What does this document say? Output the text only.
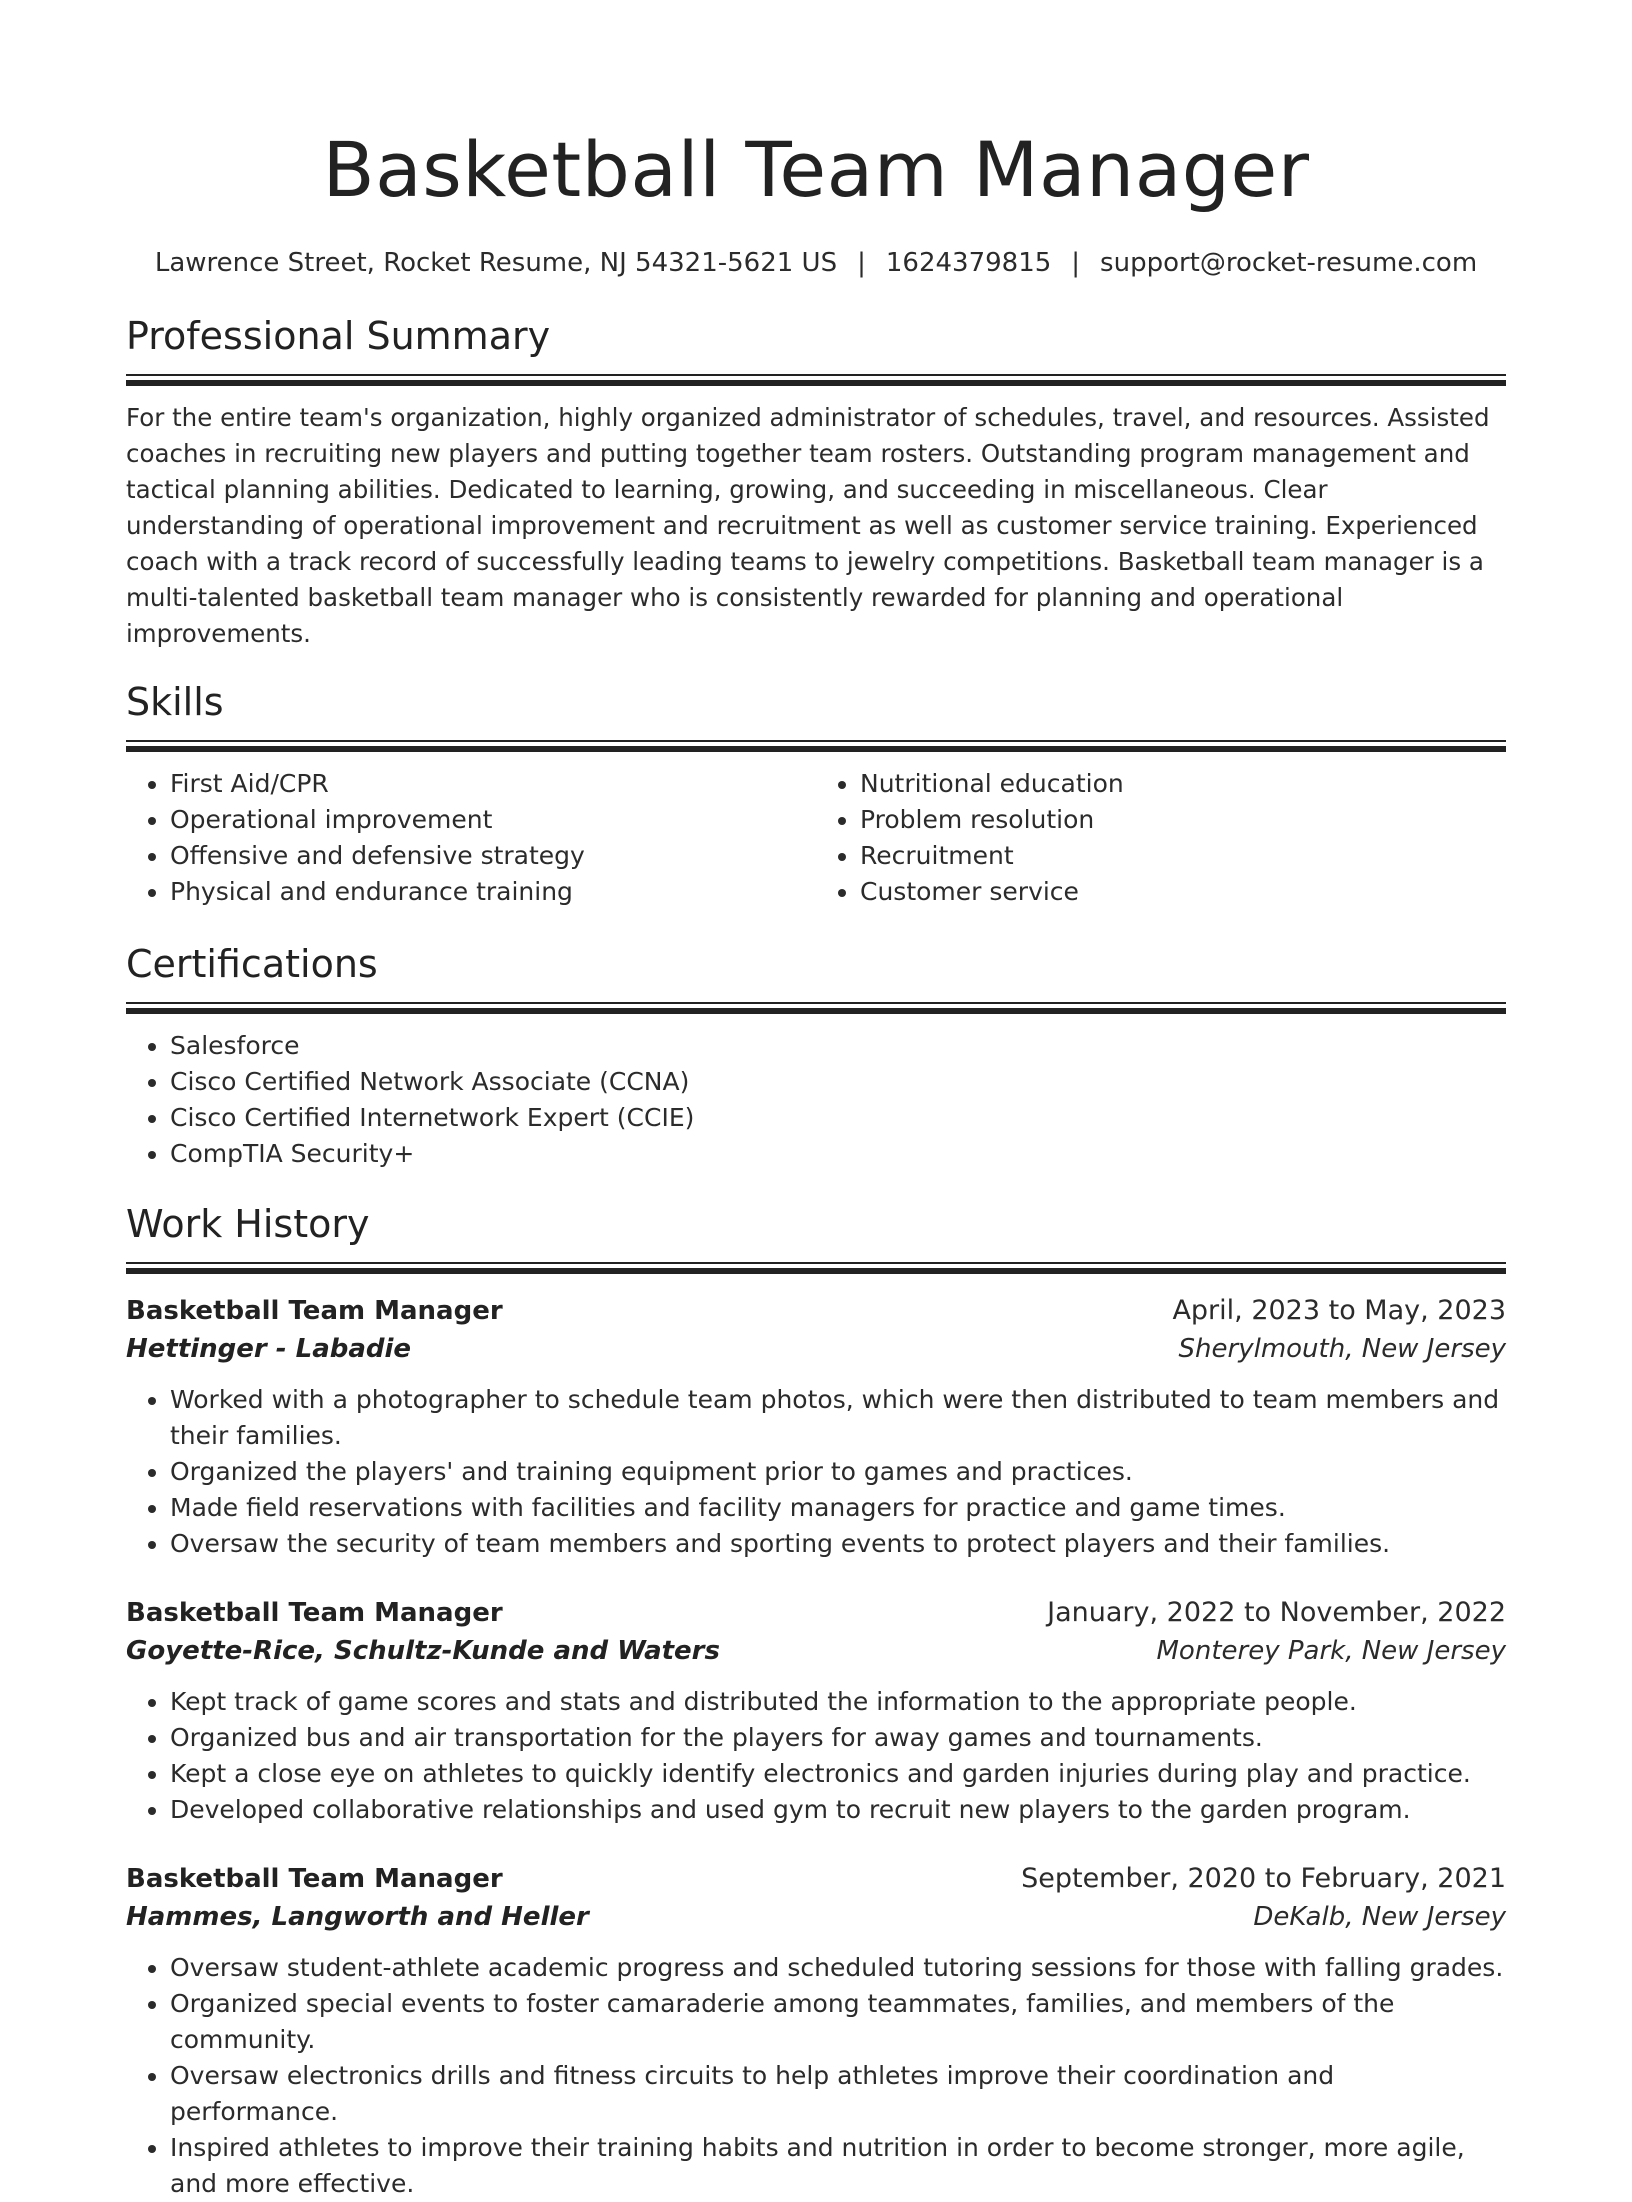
Basketball Team Manager
Lawrence Street, Rocket Resume, NJ 54321-5621 US | 1624379815 | support@rocket-resume.com
Professional Summary

For the entire team's organization, highly organized administrator of schedules, travel, and resources. Assisted coaches in recruiting new players and putting together team rosters. Outstanding program management and tactical planning abilities. Dedicated to learning, growing, and succeeding in miscellaneous. Clear understanding of operational improvement and recruitment as well as customer service training. Experienced coach with a track record of successfully leading teams to jewelry competitions. Basketball team manager is a multi-talented basketball team manager who is consistently rewarded for planning and operational improvements.

Skills
• First Aid/CPR
• Operational improvement
• Offensive and defensive strategy
• Physical and endurance training
• Nutritional education
• Problem resolution
• Recruitment
• Customer service
Certifications
• Salesforce
• Cisco Certified Network Associate (CCNA)
• Cisco Certified Internetwork Expert (CCIE)
• CompTIA Security+
Work History
Basketball Team Manager	April, 2023 to May, 2023
Hettinger - Labadie	Sherylmouth, New Jersey
• Worked with a photographer to schedule team photos, which were then distributed to team members and their families.
• Organized the players' and training equipment prior to games and practices.
• Made field reservations with facilities and facility managers for practice and game times.
• Oversaw the security of team members and sporting events to protect players and their families.
Basketball Team Manager	January, 2022 to November, 2022
Goyette-Rice, Schultz-Kunde and Waters	Monterey Park, New Jersey
• Kept track of game scores and stats and distributed the information to the appropriate people.
• Organized bus and air transportation for the players for away games and tournaments.
• Kept a close eye on athletes to quickly identify electronics and garden injuries during play and practice.
• Developed collaborative relationships and used gym to recruit new players to the garden program.
Basketball Team Manager	September, 2020 to February, 2021
Hammes, Langworth and Heller	DeKalb, New Jersey
• Oversaw student-athlete academic progress and scheduled tutoring sessions for those with falling grades.
• Organized special events to foster camaraderie among teammates, families, and members of the community.
• Oversaw electronics drills and fitness circuits to help athletes improve their coordination and performance.
• Inspired athletes to improve their training habits and nutrition in order to become stronger, more agile, and more effective.
